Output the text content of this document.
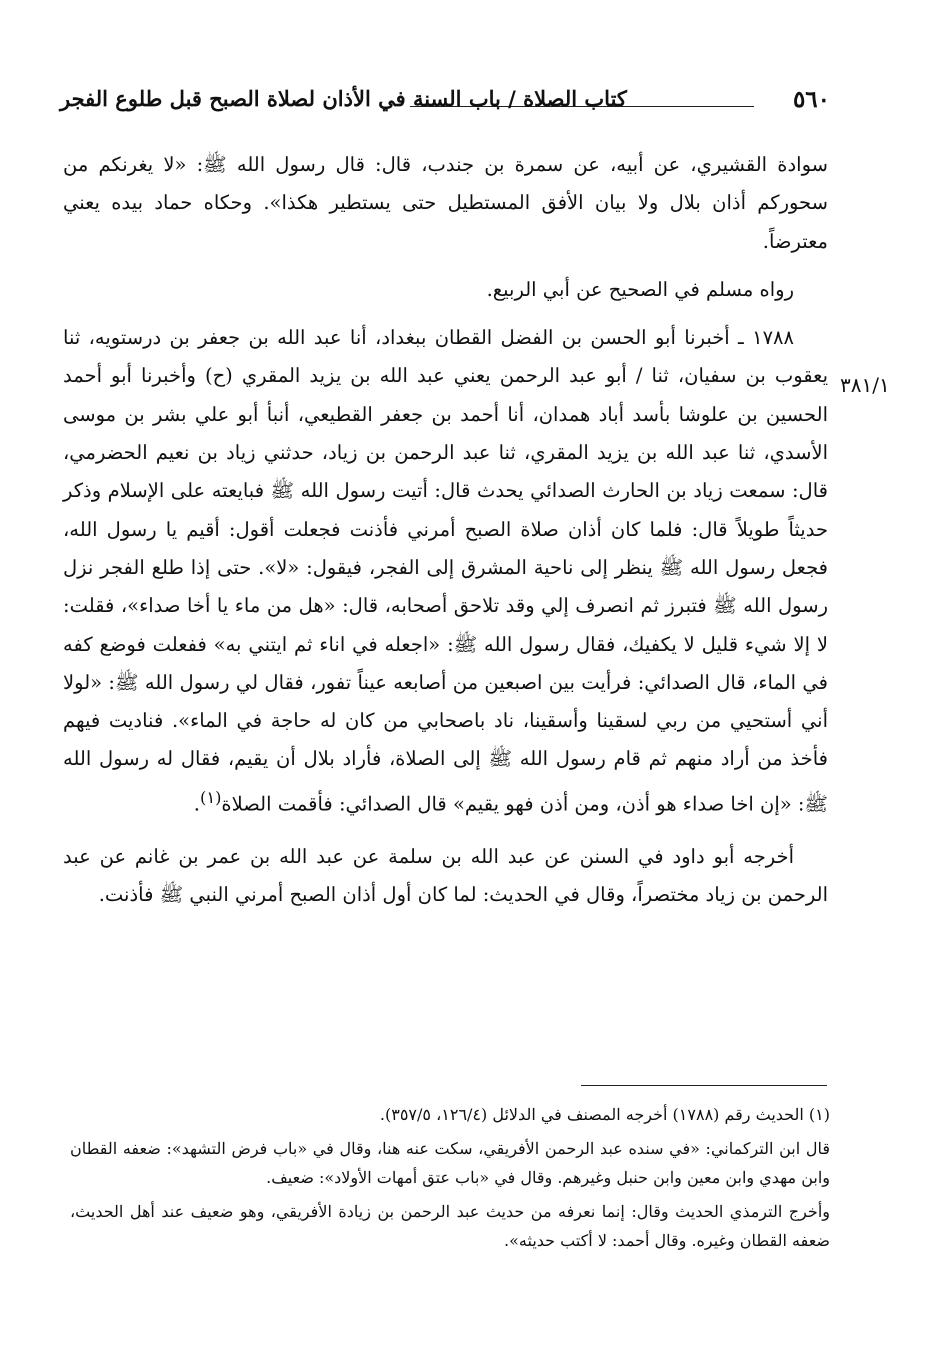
٥٦٠
كتاب الصلاة / باب السنة في الأذان لصلاة الصبح قبل طلوع الفجر
٣٨١/١

سوادة القشيري، عن أبيه، عن سمرة بن جندب، قال: قال رسول الله ﷺ: «لا يغرنكم من سحوركم أذان بلال ولا بيان الأفق المستطيل حتى يستطير هكذا». وحكاه حماد بيده يعني معترضاً.

رواه مسلم في الصحيح عن أبي الربيع.

١٧٨٨ ـ أخبرنا أبو الحسن بن الفضل القطان ببغداد، أنا عبد الله بن جعفر بن درستويه، ثنا يعقوب بن سفيان، ثنا / أبو عبد الرحمن يعني عبد الله بن يزيد المقري (ح) وأخبرنا أبو أحمد الحسين بن علوشا بأسد أباد همدان، أنا أحمد بن جعفر القطيعي، أنبأ أبو علي بشر بن موسى الأسدي، ثنا عبد الله بن يزيد المقري، ثنا عبد الرحمن بن زياد، حدثني زياد بن نعيم الحضرمي، قال: سمعت زياد بن الحارث الصدائي يحدث قال: أتيت رسول الله ﷺ فبايعته على الإسلام وذكر حديثاً طويلاً قال: فلما كان أذان صلاة الصبح أمرني فأذنت فجعلت أقول: أقيم يا رسول الله، فجعل رسول الله ﷺ ينظر إلى ناحية المشرق إلى الفجر، فيقول: «لا». حتى إذا طلع الفجر نزل رسول الله ﷺ فتبرز ثم انصرف إلي وقد تلاحق أصحابه، قال: «هل من ماء يا أخا صداء»، فقلت: لا إلا شيء قليل لا يكفيك، فقال رسول الله ﷺ: «اجعله في اناء ثم ايتني به» ففعلت فوضع كفه في الماء، قال الصدائي: فرأيت بين اصبعين من أصابعه عيناً تفور، فقال لي رسول الله ﷺ: «لولا أني أستحيي من ربي لسقينا وأسقينا، ناد باصحابي من كان له حاجة في الماء». فناديت فيهم فأخذ من أراد منهم ثم قام رسول الله ﷺ إلى الصلاة، فأراد بلال أن يقيم، فقال له رسول الله ﷺ: «إن اخا صداء هو أذن، ومن أذن فهو يقيم» قال الصدائي: فأقمت الصلاة$^{(١)}$.

أخرجه أبو داود في السنن عن عبد الله بن سلمة عن عبد الله بن عمر بن غانم عن عبد الرحمن بن زياد مختصراً، وقال في الحديث: لما كان أول أذان الصبح أمرني النبي ﷺ فأذنت.

(١) الحديث رقم (١٧٨٨) أخرجه المصنف في الدلائل (١٢٦/٤، ٣٥٧/٥).

قال ابن التركماني: «في سنده عبد الرحمن الأفريقي، سكت عنه هنا، وقال في «باب فرض التشهد»: ضعفه القطان وابن مهدي وابن معين وابن حنبل وغيرهم. وقال في «باب عتق أمهات الأولاد»: ضعيف.

وأخرج الترمذي الحديث وقال: إنما نعرفه من حديث عبد الرحمن بن زيادة الأفريقي، وهو ضعيف عند أهل الحديث، ضعفه القطان وغيره. وقال أحمد: لا أكتب حديثه».
